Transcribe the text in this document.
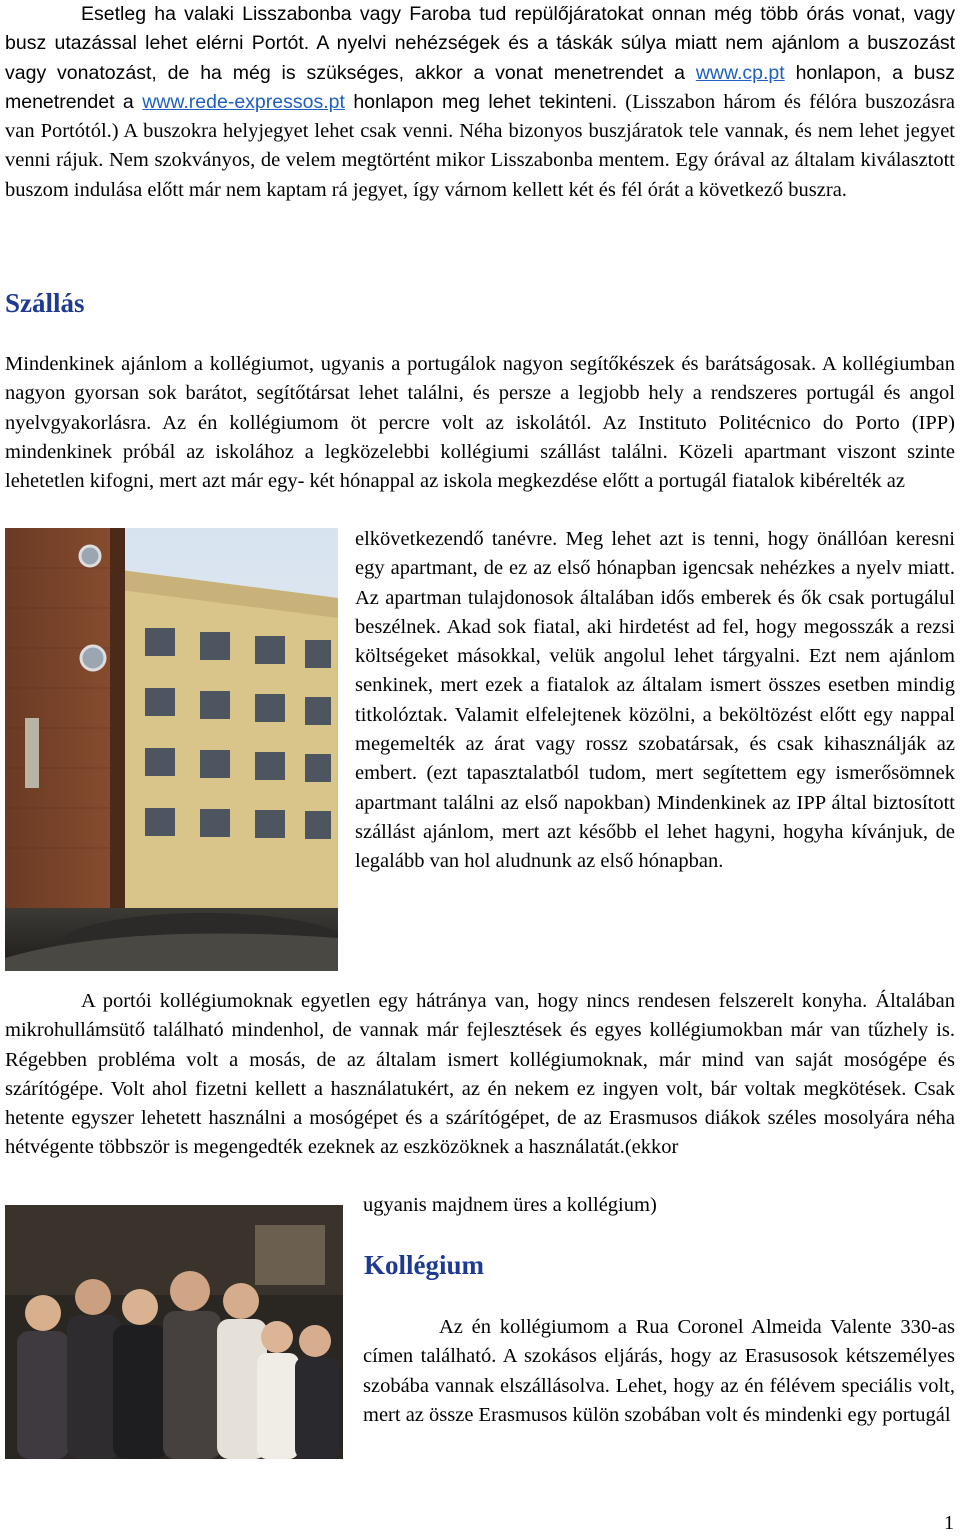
Esetleg ha valaki Lisszabonba vagy Faroba tud repülőjáratokat onnan még több órás vonat, vagy busz utazással lehet elérni Portót. A nyelvi nehézségek és a táskák súlya miatt nem ajánlom a buszozást vagy vonatozást, de ha még is szükséges, akkor a vonat menetrendet a www.cp.pt honlapon, a busz menetrendet a www.rede-expressos.pt honlapon meg lehet tekinteni. (Lisszabon három és félóra buszozásra van Portótól.) A buszokra helyjegyet lehet csak venni. Néha bizonyos buszjáratok tele vannak, és nem lehet jegyet venni rájuk. Nem szokványos, de velem megtörtént mikor Lisszabonba mentem. Egy órával az általam kiválasztott buszom indulása előtt már nem kaptam rá jegyet, így várnom kellett két és fél órát a következő buszra.

Szállás

Mindenkinek ajánlom a kollégiumot, ugyanis a portugálok nagyon segítőkészek és barátságosak. A kollégiumban nagyon gyorsan sok barátot, segítőtársat lehet találni, és persze a legjobb hely a rendszeres portugál és angol nyelvgyakorlásra. Az én kollégiumom öt percre volt az iskolától. Az Instituto Politécnico do Porto (IPP) mindenkinek próbál az iskolához a legközelebbi kollégiumi szállást találni. Közeli apartmant viszont szinte lehetetlen kifogni, mert azt már egy- két hónappal az iskola megkezdése előtt a portugál fiatalok kibérelték az

elkövetkezendő tanévre. Meg lehet azt is tenni, hogy önállóan keresni egy apartmant, de ez az első hónapban igencsak nehézkes a nyelv miatt. Az apartman tulajdonosok általában idős emberek és ők csak portugálul beszélnek. Akad sok fiatal, aki hirdetést ad fel, hogy megosszák a rezsi költségeket másokkal, velük angolul lehet tárgyalni. Ezt nem ajánlom senkinek, mert ezek a fiatalok az általam ismert összes esetben mindig titkolóztak. Valamit elfelejtenek közölni, a beköltözést előtt egy nappal megemelték az árat vagy rossz szobatársak, és csak kihasználják az embert. (ezt tapasztalatból tudom, mert segítettem egy ismerősömnek apartmant találni az első napokban) Mindenkinek az IPP által biztosított szállást ajánlom, mert azt később el lehet hagyni, hogyha kívánjuk, de legalább van hol aludnunk az első hónapban.

A portói kollégiumoknak egyetlen egy hátránya van, hogy nincs rendesen felszerelt konyha. Általában mikrohullámsütő található mindenhol, de vannak már fejlesztések és egyes kollégiumokban már van tűzhely is. Régebben probléma volt a mosás, de az általam ismert kollégiumoknak, már mind van saját mosógépe és szárítógépe. Volt ahol fizetni kellett a használatukért, az én nekem ez ingyen volt, bár voltak megkötések. Csak hetente egyszer lehetett használni a mosógépet és a szárítógépet, de az Erasmusos diákok széles mosolyára néha hétvégente többször is megengedték ezeknek az eszközöknek a használatát.(ekkor

ugyanis majdnem üres a kollégium)

Kollégium

Az én kollégiumom a Rua Coronel Almeida Valente 330-as címen található. A szokásos eljárás, hogy az Erasusosok kétszemélyes szobába vannak elszállásolva. Lehet, hogy az én félévem speciális volt, mert az össze Erasmusos külön szobában volt és mindenki egy portugál

1
